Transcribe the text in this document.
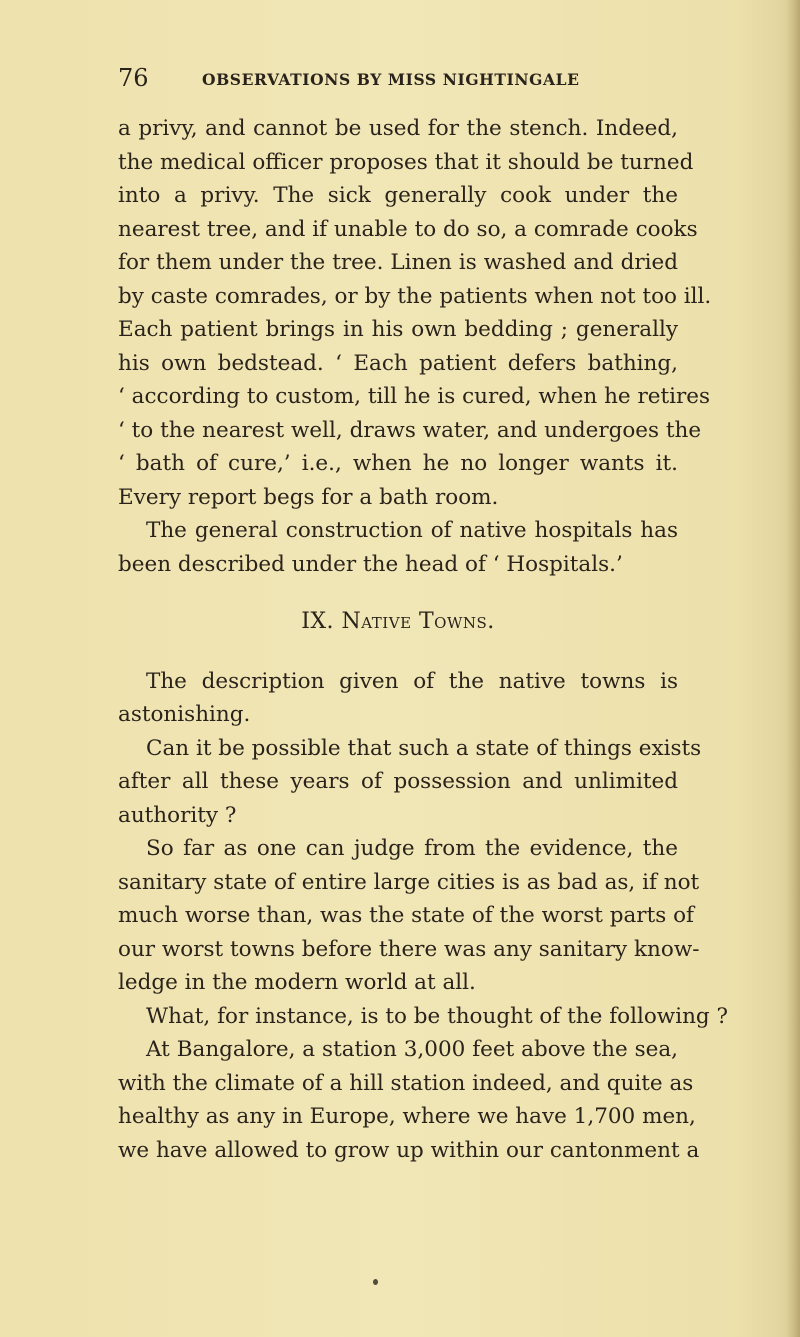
76	OBSERVATIONS BY MISS NIGHTINGALE
a privy, and cannot be used for the stench. Indeed,
the medical officer proposes that it should be turned
into a privy. The sick generally cook under the
nearest tree, and if unable to do so, a comrade cooks
for them under the tree. Linen is washed and dried
by caste comrades, or by the patients when not too ill.
Each patient brings in his own bedding ; generally
his own bedstead. ‘ Each patient defers bathing,
‘ according to custom, till he is cured, when he retires
‘ to the nearest well, draws water, and undergoes the
‘ bath of cure,’ i.e., when he no longer wants it.
Every report begs for a bath room.
The general construction of native hospitals has
been described under the head of ‘ Hospitals.’
IX. Native Towns.
The description given of the native towns is
astonishing.
Can it be possible that such a state of things exists
after all these years of possession and unlimited
authority ?
So far as one can judge from the evidence, the
sanitary state of entire large cities is as bad as, if not
much worse than, was the state of the worst parts of
our worst towns before there was any sanitary know-
ledge in the modern world at all.
What, for instance, is to be thought of the following ?
At Bangalore, a station 3,000 feet above the sea,
with the climate of a hill station indeed, and quite as
healthy as any in Europe, where we have 1,700 men,
we have allowed to grow up within our cantonment a
